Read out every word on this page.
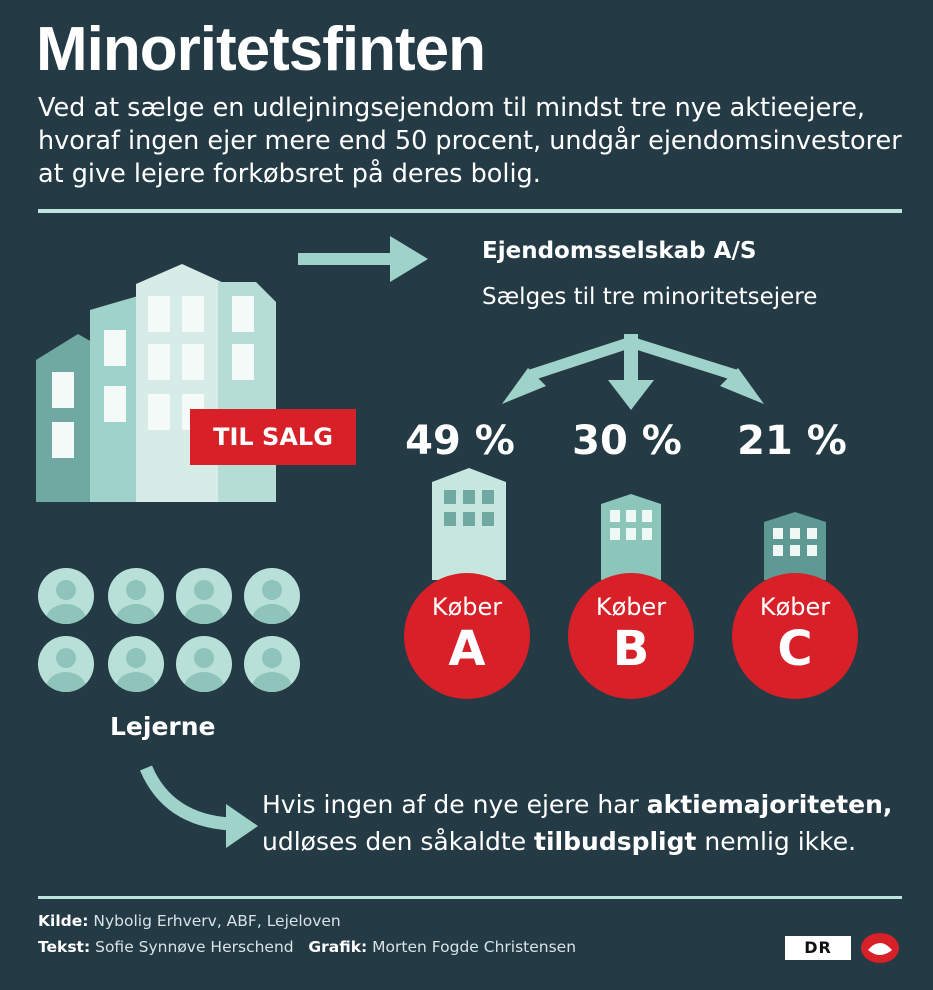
Minoritetsfinten
Ved at sælge en udlejningsejendom til mindst tre nye aktieejere, hvoraf ingen ejer mere end 50 procent, undgår ejendomsinvestorer at give lejere forkøbsret på deres bolig.
TIL SALG
Ejendomsselskab A/S
Sælges til tre minoritetsejere
49 %	30 %	21 %
Køber
A
Køber
B
Køber
C
Lejerne
Hvis ingen af de nye ejere har aktiemajoriteten, udløses den såkaldte tilbudspligt nemlig ikke.
Kilde: Nybolig Erhverv, ABF, Lejeloven
Tekst: Sofie Synnøve Herschend Grafik: Morten Fogde Christensen	DR
